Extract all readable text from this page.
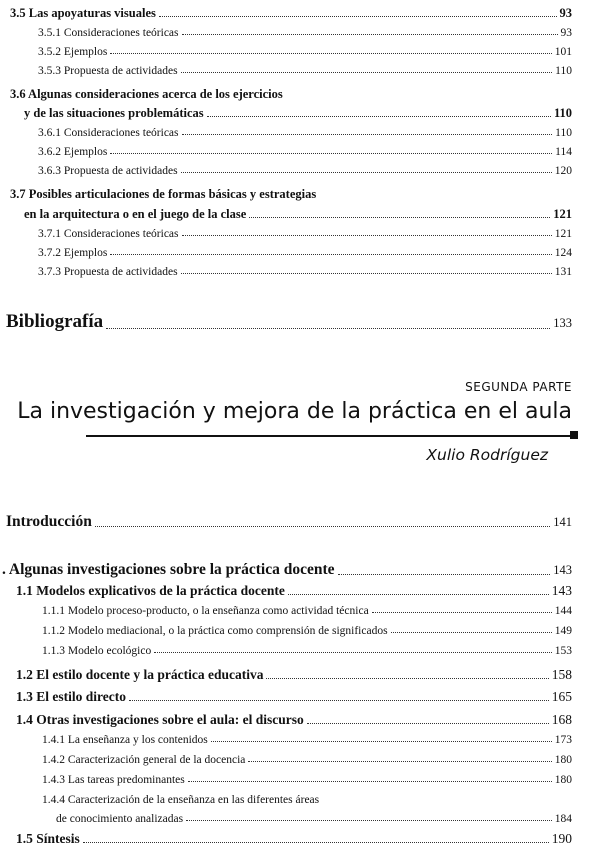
3.5 Las apoyaturas visuales	93
3.5.1 Consideraciones teóricas	93
3.5.2 Ejemplos	101
3.5.3 Propuesta de actividades	110
3.6 Algunas consideraciones acerca de los ejercicios
y de las situaciones problemáticas	110
3.6.1 Consideraciones teóricas	110
3.6.2 Ejemplos	114
3.6.3 Propuesta de actividades	120
3.7 Posibles articulaciones de formas básicas y estrategias
en la arquitectura o en el juego de la clase	121
3.7.1 Consideraciones teóricas	121
3.7.2 Ejemplos	124
3.7.3 Propuesta de actividades	131
Bibliografía	133
SEGUNDA PARTE
La investigación y mejora de la práctica en el aula
Xulio Rodríguez
Introducción	141
. Algunas investigaciones sobre la práctica docente	143
1.1 Modelos explicativos de la práctica docente	143
1.1.1 Modelo proceso-producto, o la enseñanza como actividad técnica	144
1.1.2 Modelo mediacional, o la práctica como comprensión de significados	149
1.1.3 Modelo ecológico	153
1.2 El estilo docente y la práctica educativa	158
1.3 El estilo directo	165
1.4 Otras investigaciones sobre el aula: el discurso	168
1.4.1 La enseñanza y los contenidos	173
1.4.2 Caracterización general de la docencia	180
1.4.3 Las tareas predominantes	180
1.4.4 Caracterización de la enseñanza en las diferentes áreas
de conocimiento analizadas	184
1.5 Síntesis	190
